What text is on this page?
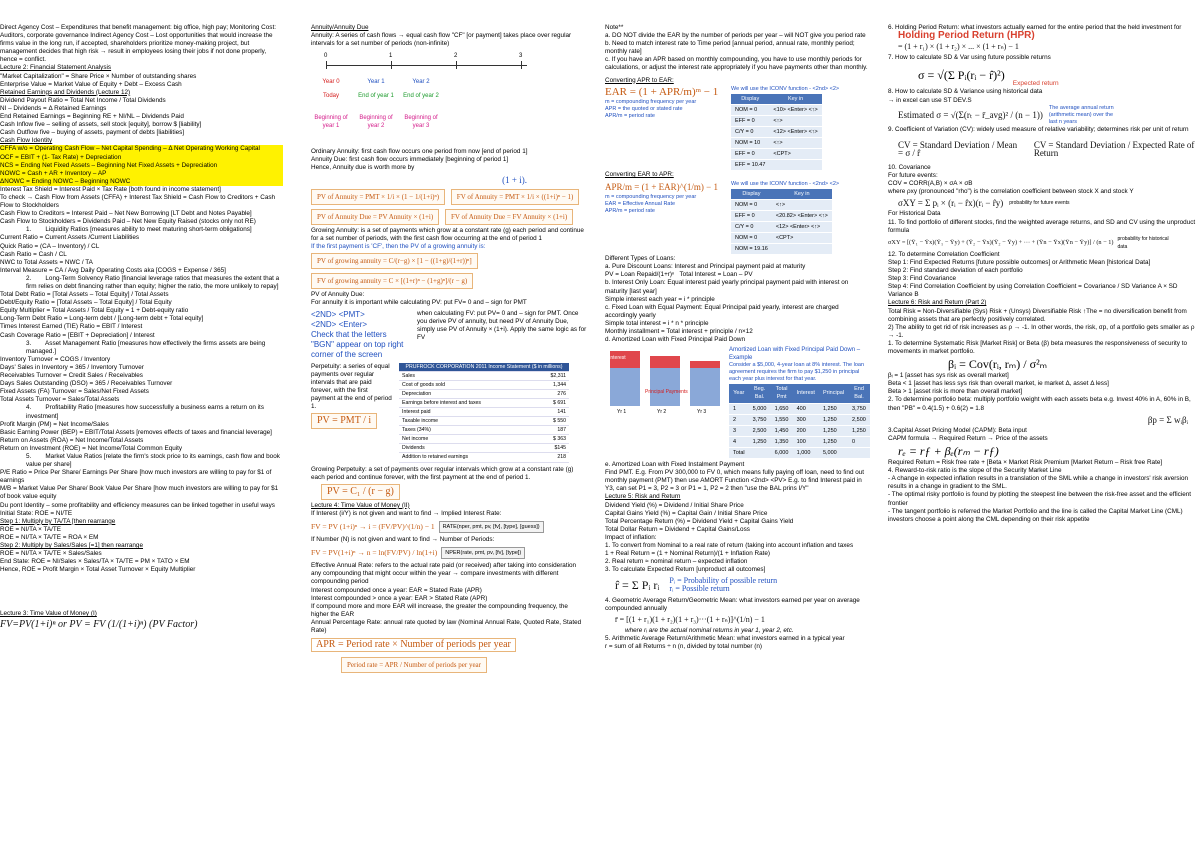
Direct Agency Cost – Expenditures that benefit management: big office, high pay; Monitoring Cost: Auditors, corporate governance Indirect Agency Cost – Lost opportunities that would increase the firms value in the long run, if accepted, shareholders prioritize money-making project, but management decides that high risk → result in employees losing their jobs if not done properly, hence = conflict.
Lecture 2: Financial Statement Analysis
"Market Capitalization" = Share Price × Number of outstanding shares
Enterprise Value = Market Value of Equity + Debt – Excess Cash
Retained Earnings and Dividends (Lecture 12)
Dividend Payout Ratio = Total Net Income / Total Dividends
NI – Dividends = Δ Retained Earnings
End Retained Earnings = Beginning RE + NI/NL – Dividends Paid
Cash Inflow five – selling of assets, sell stock [equity], borrow $ [liability]
Cash Outflow five – buying of assets, payment of debts [liabilities]
Cash Flow Identity
CFFA w/o = Operating Cash Flow – Net Capital Spending – Δ Net Operating Working Capital
OCF = EBIT + (1- Tax Rate) + Depreciation
NCS = Ending Net Fixed Assets – Beginning Net Fixed Assets + Depreciation
NOWC = Cash + AR + Inventory – AP
ΔNOWC = Ending NOWC – Beginning NOWC
Interest Tax Shield = Interest Paid × Tax Rate [both found in income statement]
To check → Cash Flow from Assets (CFFA) + Interest Tax Shield = Cash Flow to Creditors + Cash Flow to Stockholders
Cash Flow to Creditors = Interest Paid – Net New Borrowing [LT Debt and Notes Payable]
Cash Flow to Stockholders = Dividends Paid – Net New Equity Raised (stocks only not RE)
1.        Liquidity Ratios [measures ability to meet maturing short-term obligations]
Current Ratio = Current Assets /Current Liabilities
Quick Ratio = (CA – Inventory) / CL
Cash Ratio = Cash / CL
NWC to Total Assets = NWC / TA
Interval Measure = CA / Avg Daily Operating Costs aka [COGS + Expense / 365]
2.        Long-Term Solvency Ratio [financial leverage ratios that measures the extent that a firm relies on debt financing rather than equity; higher the ratio, the more unlikely to repay]
Total Debt Ratio = [Total Assets – Total Equity] / Total Assets
Debt/Equity Ratio = [Total Assets – Total Equity] / Total Equity
Equity Multiplier = Total Assets / Total Equity = 1 + Debt-equity ratio
Long-Term Debt Ratio = Long-term debt / [Long-term debt + Total equity]
Times Interest Earned (TIE) Ratio = EBIT / Interest
Cash Coverage Ratio = [EBIT + Depreciation] / Interest
3.        Asset Management Ratio [measures how effectively the firms assets are being managed.]
Inventory Turnover = COGS / Inventory
Days' Sales in Inventory = 365 / Inventory Turnover
Receivables Turnover = Credit Sales / Receivables
Days Sales Outstanding (DSO) = 365 / Receivables Turnover
Fixed Assets (FA) Turnover = Sales/Net Fixed Assets
Total Assets Turnover = Sales/Total Assets
4.        Profitability Ratio [measures how successfully a business earns a return on its investment]
Profit Margin (PM) = Net Income/Sales
Basic Earning Power (BEP) = EBIT/Total Assets [removes effects of taxes and financial leverage]
Return on Assets (ROA) = Net Income/Total Assets
Return on Investment (ROE) = Net Income/Total Common Equity
5.        Market Value Ratios [relate the firm's stock price to its earnings, cash flow and book value per share]
P/E Ratio = Price Per Share/ Earnings Per Share [how much investors are willing to pay for $1 of earnings
M/B = Market Value Per Share/ Book Value Per Share [how much investors are willing to pay for $1 of book value equity
Du pont Identity – some profitability and efficiency measures can be linked together in useful ways
Initial State: ROE = NI/TE
Step 1: Multiply by TA/TA [then rearrange
ROE = NI/TA × TA/TE
ROE = NI/TA × TA/TE = ROA × EM
Step 2: Multiply by Sales/Sales [=1] then rearrange
ROE = NI/TA × TA/TE × Sales/Sales
End State: ROE = NI/Sales × Sales/TA × TA/TE = PM × TATO × EM
Hence, ROE = Profit Margin × Total Asset Turnover × Equity Multiplier
Lecture 3: Time Value of Money (I)
FV=PV(1+i)ⁿ or PV = FV (1/(1+i)ⁿ) (PV Factor)
Annuity/Annuity Due
Annuity: A series of cash flows → equal cash flow "CF" [or payment] takes place over regular intervals for a set number of periods (non-infinite)
0	1	2	3
Year 0	Year 1	Year 2
Today	End of year 1	End of year 2
Beginning of year 1
Beginning of year 2
Beginning of year 3
Ordinary Annuity: first cash flow occurs one period from now [end of period 1]
Annuity Due: first cash flow occurs immediately [beginning of period 1]
Hence, Annuity due is worth more by
(1 + i).
PV of Annuity = PMT × 1/i × (1 − 1/(1+i)ⁿ)	FV of Annuity = PMT × 1/i × ((1+i)ⁿ − 1) PV of Annuity Due = PV Annuity × (1+i)	FV of Annuity Due = FV Annuity × (1+i)
Growing Annuity: is a set of payments which grow at a constant rate (g) each period and continue for a set number of periods, with the first cash flow occurring at the end of period 1
If the first payment is 'CF', then the PV of a growing annuity is:
PV of growing annuity = C/(r−g) × [1 − ((1+g)/(1+r))ⁿ] FV of growing annuity = C × [(1+r)ⁿ − (1+g)ⁿ]/(r − g)
PV of Annuity Due:
For annuity it is important while calculating PV: put FV= 0 and – sign for PMT
<2ND> <PMT>
<2ND> <Enter>
Check that the letters "BGN" appear on top right corner of the screen
when calculating FV: put PV= 0 and – sign for PMT. Once you derive PV of annuity, but need PV of Annuity Due, simply use PV of Annuity × (1+i). Apply the same logic as for FV
Perpetuity: a series of equal payments over regular intervals that are paid forever, with the first payment at the end of period 1.
PV = PMT / i
PRUFROCK CORPORATION 2011 Income Statement ($ in millions)	
Sales	$2,311
Cost of goods sold	1,344
Depreciation	276
Earnings before interest and taxes	$ 691
Interest paid	141
Taxable income	$ 550
Taxes (34%)	187
Net income	$ 363
Dividends	$145
Addition to retained earnings	218
Growing Perpetuity: a set of payments over regular intervals which grow at a constant rate (g) each period and continue forever, with the first payment at the end of period 1.
PV = C₁ / (r − g)
Lecture 4: Time Value of Money (II)
If Interest (i/Y) is not given and want to find → Implied Interest Rate:
FV = PV (1+i)ⁿ → i = (FV/PV)^(1/n) − 1	RATE(nper, pmt, pv, [fv], [type], [guess])
If Number (N) is not given and want to find → Number of Periods:
FV = PV(1+i)ⁿ → n = ln(FV/PV) / ln(1+i)	NPER(rate, pmt, pv, [fv], [type])
Effective Annual Rate: refers to the actual rate paid (or received) after taking into consideration any compounding that might occur within the year → compare investments with different compounding period
Interest compounded once a year: EAR = Stated Rate (APR)
Interest compounded > once a year: EAR > Stated Rate (APR)
If compound more and more EAR will increase, the greater the compounding frequency, the higher the EAR
Annual Percentage Rate: annual rate quoted by law (Nominal Annual Rate, Quoted Rate, Stated Rate)
APR = Period rate × Number of periods per year Period rate = APR / Number of periods per year
Note**
a. DO NOT divide the EAR by the number of periods per year – will NOT give you period rate
b. Need to match interest rate to Time period [annual period, annual rate, monthly period; monthly rate]
c. If you have an APR based on monthly compounding, you have to use monthly periods for calculations, or adjust the interest rate appropriately if you have payments other than monthly.
Converting APR to EAR:
EAR = (1 + APR/m)ᵐ − 1
m = compounding frequency per year
APR = the quoted or stated rate
APR/m = period rate
We will use the ICONV function - <2nd> <2>
Display	Key in
NOM = 0	<10> <Enter> <↑>
EFF = 0	<↑>
C/Y = 0	<12> <Enter> <↑>
NOM = 10	<↑>
EFF = 0	<CPT>
EFF = 10.47	
Converting EAR to APR:
APR/m = (1 + EAR)^(1/m) − 1
m = compounding frequency per year
EAR = Effective Annual Rate
APR/m = period rate
We will use the ICONV function - <2nd> <2>
Display	Key in
NOM = 0	<↑>
EFF = 0	<20.82> <Enter> <↑>
C/Y = 0	<12> <Enter> <↑>
NOM = 0	<CPT>
NOM = 19.16	
Different Types of Loans:
a. Pure Discount Loans: Interest and Principal payment paid at maturity
PV = Loan Repaid/(1+r)ⁿ   Total Interest = Loan – PV
b. Interest Only Loan: Equal interest paid yearly principal payment paid with interest on maturity [last year]
Simple interest each year = i * principle
c. Fixed Loan with Equal Payment: Equal Principal paid yearly, interest are charged accordingly yearly
Simple total interest = i * n * principle
Monthly installment = Total interest + principle / n×12
d. Amortized Loan with Fixed Principal Paid Down
Interest
Principal Payments
Yr 1	Yr 2	Yr 3
Amortized Loan with Fixed Principal Paid Down – Example
Consider a $5,000, 4-year loan at 8% interest. The loan agreement requires the firm to pay $1,250 in principal each year plus interest for that year.
Year	Beg. Bal.	Total Pmt	Interest	Principal	End Bal.
1	5,000	1,650	400	1,250	3,750
2	3,750	1,550	300	1,250	2,500
3	2,500	1,450	200	1,250	1,250
4	1,250	1,350	100	1,250	0
Total		6,000	1,000	5,000	
e. Amortized Loan with Fixed Instalment Payment
Find PMT. E.g. From PV 300,000 to FV 0, which means fully paying off loan, need to find out monthly payment (PMT) then use AMORT Function <2nd> <PV> E.g. to find Interest paid in Y3, can set P1 = 3, P2 = 3 or P1 = 1, P2 = 2 then "use the BAL prins I/Y"
Lecture 5: Risk and Return
Dividend Yield (%) = Dividend / Initial Share Price
Capital Gains Yield (%) = Capital Gain / Initial Share Price
Total Percentage Return (%) = Dividend Yield + Capital Gains Yield
Total Dollar Return = Dividend + Capital Gains/Loss
Impact of inflation:
1. To convert from Nominal to a real rate of return (taking into account inflation and taxes
1 + Real Return = (1 + Nominal Return)/(1 + Inflation Rate)
2. Real return ≈ nominal return – expected inflation
3. To calculate Expected Return [unproduct all outcomes]
r̂ = Σ Pᵢ rᵢ Pᵢ = Probability of possible return
rᵢ = Possible return
4. Geometric Average Return/Geometric Mean: what investors earned per year on average compounded annually
r̄ = [(1 + r₁)(1 + r₂)(1 + r₃)···(1 + rₙ)]^(1/n) − 1
where rᵢ are the actual nominal returns in year 1, year 2, etc.
5. Arithmetic Average Return/Arithmetic Mean: what investors earned in a typical year
r = sum of all Returns ÷ n (n, divided by total number (n)
6. Holding Period Return: what investors actually earned for the entire period that the held investment for
Holding Period Return (HPR)
= (1 + r₁) × (1 + r₂) × ... × (1 + rₙ) − 1
7. How to calculate SD & Var using future possible returns
σ = √(Σ Pᵢ(rᵢ − r̂)²)
Expected return
8. How to calculate SD & Variance using historical data
→ in excel can use ST DEV.S
Estimated σ = √(Σ(rₜ − r̄_avg)² / (n − 1))
The average annual return (arithmetic mean) over the last n years
9. Coefficient of Variation (CV): widely used measure of relative variability; determines risk per unit of return
CV = Standard Deviation / Mean = σ / r̂
CV = Standard Deviation / Expected Rate of Return
10. Covariance
For future events:
COV = CORR(A,B) × σA × σB
where ρxy (pronounced "rho") is the correlation coefficient between stock X and stock Y
σXY = Σ pᵢ × (rᵢ − r̂x)(rᵢ − r̂y) probability for future events
For Historical Data
11. To find portfolio of different stocks, find the weighted average returns, and SD and CV using the unproduct formula
σXY = [(Ȳ₁ − Ȳx)(Ȳ₁ − Ȳy) + (Ȳ₂ − Ȳx)(Ȳ₂ − Ȳy) + ··· + (Ȳn − Ȳx)(Ȳn − Ȳy)] / (n − 1)
probability for historical data
12. To determine Correlation Coefficient
Step 1: Find Expected Returns [future possible outcomes] or Arithmetic Mean [historical Data]
Step 2: Find standard deviation of each portfolio
Step 3: Find Covariance
Step 4: Find Correlation Coefficient by using Correlation Coefficient = Covariance / SD Variance A × SD Variance B
Lecture 6: Risk and Return (Part 2)
Total Risk = Non-Diversifiable (Sys) Risk + (Unsys) Diversifiable Risk ↑The = no diversification benefit from combining assets that are perfectly positively correlated.
2) The ability to get rid of risk increases as ρ → -1. In other words, the risk, σp, of a portfolio gets smaller as ρ → -1.
1. To determine Systematic Risk [Market Risk] or Beta (β) beta measures the responsiveness of security to movements in market portfolio.
βᵢ = Cov(rᵢ, rₘ) / σ²ₘ
βᵢ = 1 [asset has sys risk as overall market]
Beta < 1 [asset has less sys risk than overall market, ie market Δ, asset Δ less]
Beta > 1 [asset risk is more than overall market]
2. To determine portfolio beta: multiply portfolio weight with each assets beta e.g. Invest 40% in A, 60% in B, then "PB" = 0.4(1.5) + 0.6(2) = 1.8
βp = Σ wᵢβᵢ
3.Capital Asset Pricing Model (CAPM): Beta input
CAPM formula → Required Return → Price of the assets
rₑ = rƒ + βₑ(rₘ − rƒ)
Required Return = Risk free rate + [Beta × Market Risk Premium [Market Return – Risk free Rate]
4. Reward-to-risk ratio is the slope of the Security Market Line
- A change in expected inflation results in a translation of the SML while a change in investors' risk aversion results in a change in gradient to the SML.
- The optimal risky portfolio is found by plotting the steepest line between the risk-free asset and the efficient frontier
- The tangent portfolio is referred the Market Portfolio and the line is called the Capital Market Line (CML) investors choose a point along the CML depending on their risk appetite
